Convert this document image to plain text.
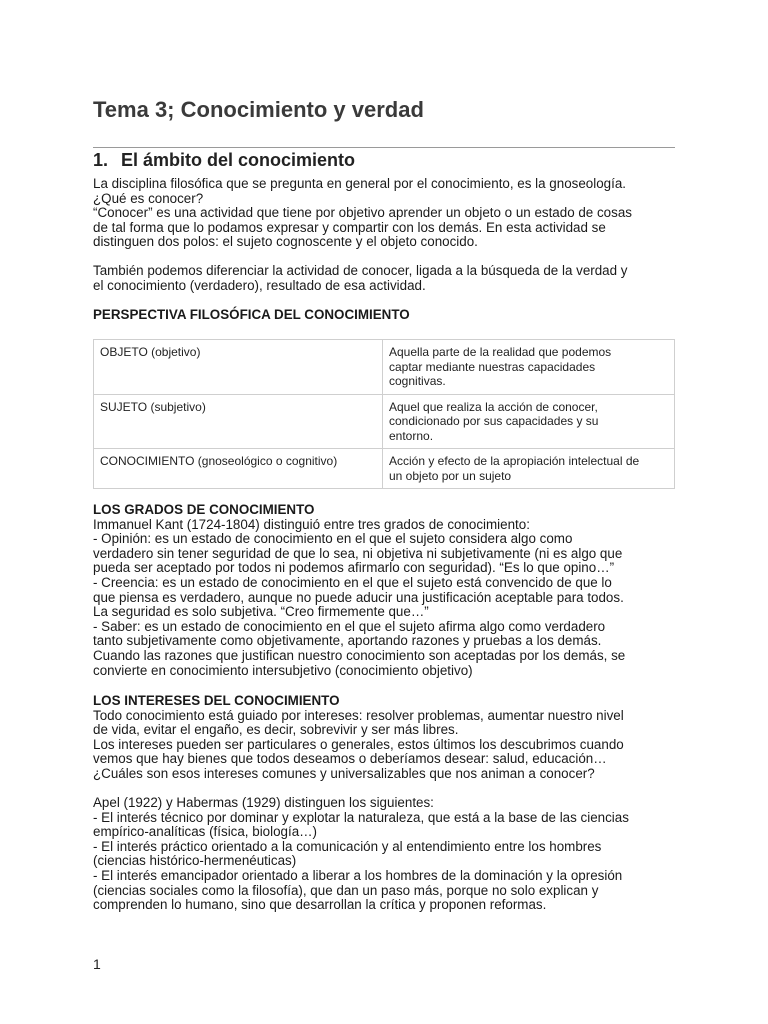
Tema 3; Conocimiento y verdad
1. El ámbito del conocimiento

La disciplina filosófica que se pregunta en general por el conocimiento, es la gnoseología.

¿Qué es conocer?

“Conocer” es una actividad que tiene por objetivo aprender un objeto o un estado de cosas

de tal forma que lo podamos expresar y compartir con los demás. En esta actividad se

distinguen dos polos: el sujeto cognoscente y el objeto conocido.

También podemos diferenciar la actividad de conocer, ligada a la búsqueda de la verdad y

el conocimiento (verdadero), resultado de esa actividad.

PERSPECTIVA FILOSÓFICA DEL CONOCIMIENTO

OBJETO (objetivo)	Aquella parte de la realidad que podemos
captar mediante nuestras capacidades
cognitivas.

SUJETO (subjetivo)	Aquel que realiza la acción de conocer,
condicionado por sus capacidades y su
entorno.

CONOCIMIENTO (gnoseológico o cognitivo)	Acción y efecto de la apropiación intelectual de
un objeto por un sujeto

LOS GRADOS DE CONOCIMIENTO

Immanuel Kant (1724-1804) distinguió entre tres grados de conocimiento:

- Opinión: es un estado de conocimiento en el que el sujeto considera algo como

verdadero sin tener seguridad de que lo sea, ni objetiva ni subjetivamente (ni es algo que

pueda ser aceptado por todos ni podemos afirmarlo con seguridad). “Es lo que opino…”

- Creencia: es un estado de conocimiento en el que el sujeto está convencido de que lo

que piensa es verdadero, aunque no puede aducir una justificación aceptable para todos.

La seguridad es solo subjetiva. “Creo firmemente que…”

- Saber: es un estado de conocimiento en el que el sujeto afirma algo como verdadero

tanto subjetivamente como objetivamente, aportando razones y pruebas a los demás.

Cuando las razones que justifican nuestro conocimiento son aceptadas por los demás, se

convierte en conocimiento intersubjetivo (conocimiento objetivo)

LOS INTERESES DEL CONOCIMIENTO

Todo conocimiento está guiado por intereses: resolver problemas, aumentar nuestro nivel

de vida, evitar el engaño, es decir, sobrevivir y ser más libres.

Los intereses pueden ser particulares o generales, estos últimos los descubrimos cuando

vemos que hay bienes que todos deseamos o deberíamos desear: salud, educación…

¿Cuáles son esos intereses comunes y universalizables que nos animan a conocer?

Apel (1922) y Habermas (1929) distinguen los siguientes:

- El interés técnico por dominar y explotar la naturaleza, que está a la base de las ciencias

empírico-analíticas (física, biología…)

- El interés práctico orientado a la comunicación y al entendimiento entre los hombres

(ciencias histórico-hermenéuticas)

- El interés emancipador orientado a liberar a los hombres de la dominación y la opresión

(ciencias sociales como la filosofía), que dan un paso más, porque no solo explican y

comprenden lo humano, sino que desarrollan la crítica y proponen reformas.

1
